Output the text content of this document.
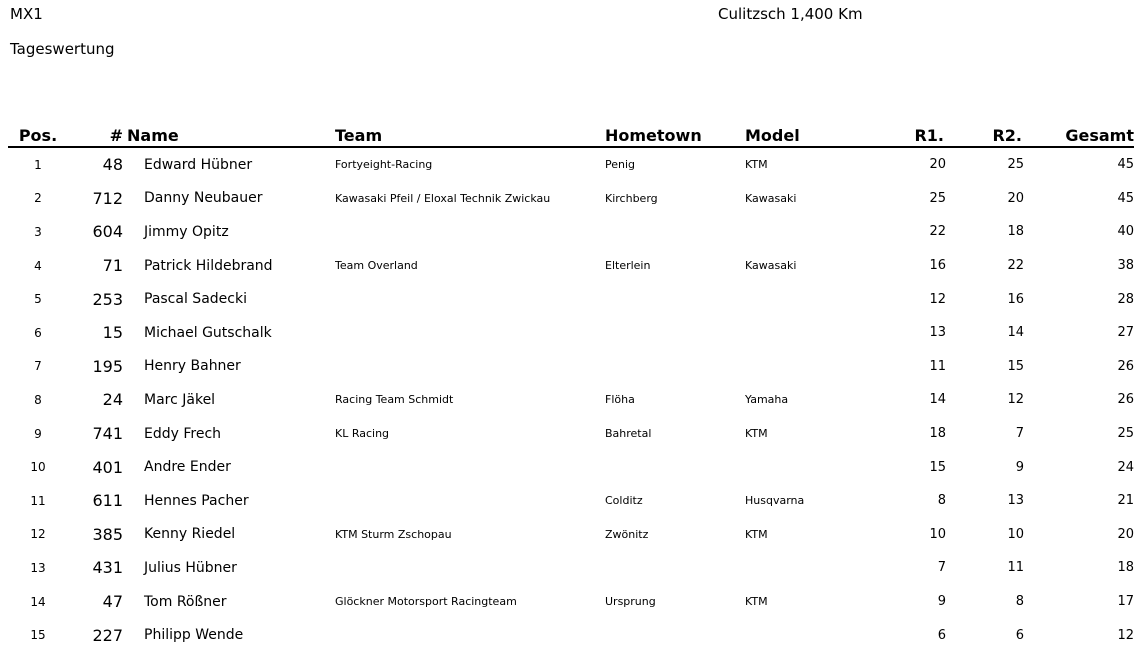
MX1	Culitzsch 1,400 Km
Tageswertung
Pos.	#	Name	Team	Hometown	Model	R1.	R2.	Gesamt
1	48	Edward Hübner	Fortyeight-Racing	Penig	KTM	20	25	45
2	712	Danny Neubauer	Kawasaki Pfeil / Eloxal Technik Zwickau	Kirchberg	Kawasaki	25	20	45
3	604	Jimmy Opitz				22	18	40
4	71	Patrick Hildebrand	Team Overland	Elterlein	Kawasaki	16	22	38
5	253	Pascal Sadecki				12	16	28
6	15	Michael Gutschalk				13	14	27
7	195	Henry Bahner				11	15	26
8	24	Marc Jäkel	Racing Team Schmidt	Flöha	Yamaha	14	12	26
9	741	Eddy Frech	KL Racing	Bahretal	KTM	18	7	25
10	401	Andre Ender				15	9	24
11	611	Hennes Pacher		Colditz	Husqvarna	8	13	21
12	385	Kenny Riedel	KTM Sturm Zschopau	Zwönitz	KTM	10	10	20
13	431	Julius Hübner				7	11	18
14	47	Tom Rößner	Glöckner Motorsport Racingteam	Ursprung	KTM	9	8	17
15	227	Philipp Wende				6	6	12
